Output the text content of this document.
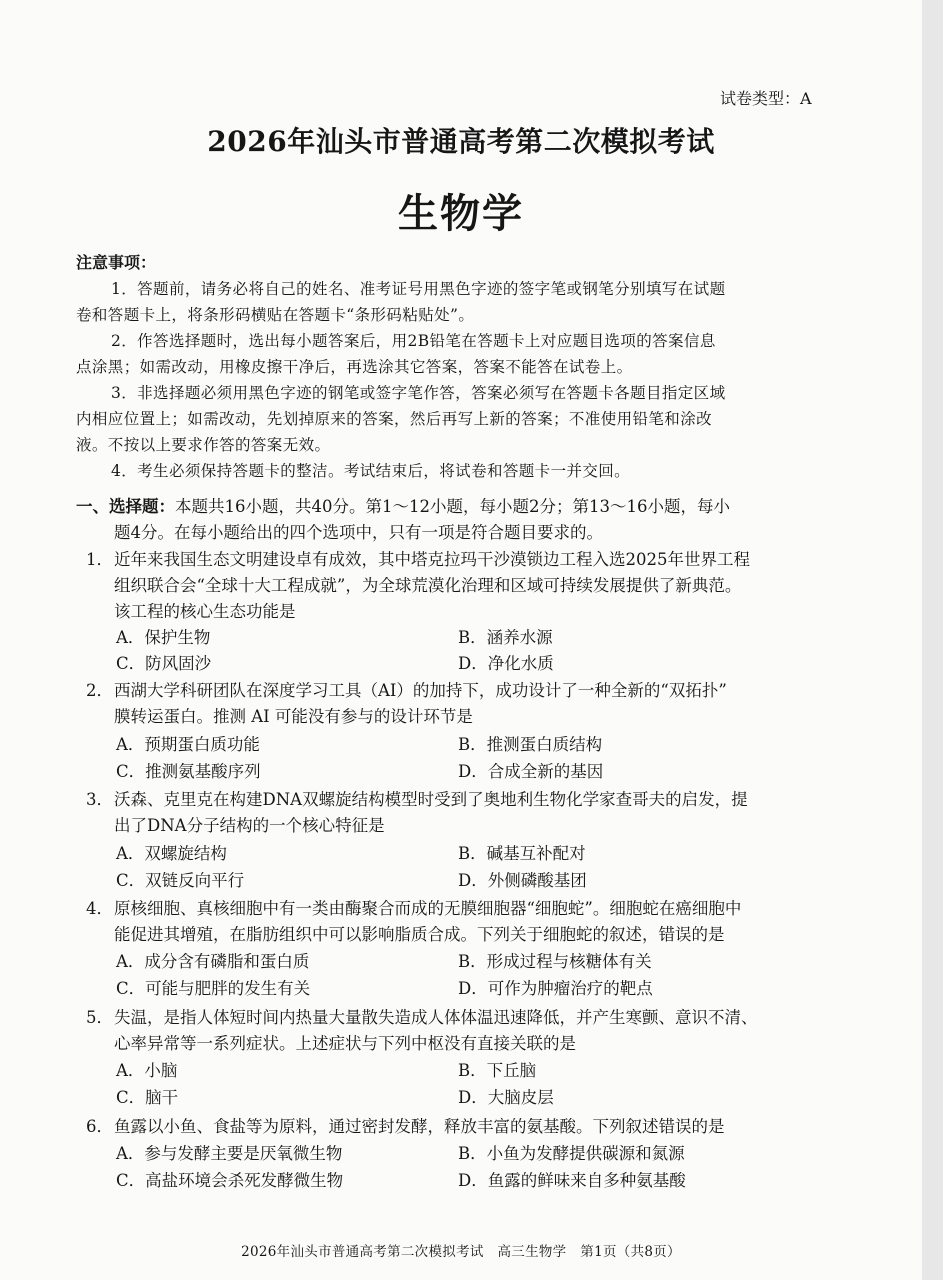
试卷类型：A
2026年汕头市普通高考第二次模拟考试
生物学
注意事项：
1．答题前，请务必将自己的姓名、准考证号用黑色字迹的签字笔或钢笔分别填写在试题
卷和答题卡上，将条形码横贴在答题卡“条形码粘贴处”。
2．作答选择题时，选出每小题答案后，用2B铅笔在答题卡上对应题目选项的答案信息
点涂黑；如需改动，用橡皮擦干净后，再选涂其它答案，答案不能答在试卷上。
3．非选择题必须用黑色字迹的钢笔或签字笔作答，答案必须写在答题卡各题目指定区域
内相应位置上；如需改动，先划掉原来的答案，然后再写上新的答案；不准使用铅笔和涂改
液。不按以上要求作答的答案无效。
4．考生必须保持答题卡的整洁。考试结束后，将试卷和答题卡一并交回。
一、选择题：本题共16小题，共40分。第1～12小题，每小题2分；第13～16小题，每小
题4分。在每小题给出的四个选项中，只有一项是符合题目要求的。
1． 近年来我国生态文明建设卓有成效，其中塔克拉玛干沙漠锁边工程入选2025年世界工程
组织联合会“全球十大工程成就”，为全球荒漠化治理和区域可持续发展提供了新典范。
该工程的核心生态功能是
A．保护生物	B．涵养水源
C．防风固沙	D．净化水质
2． 西湖大学科研团队在深度学习工具（AI）的加持下，成功设计了一种全新的“双拓扑”
膜转运蛋白。推测 AI 可能没有参与的设计环节是
A．预期蛋白质功能	B．推测蛋白质结构
C．推测氨基酸序列	D．合成全新的基因
3． 沃森、克里克在构建DNA双螺旋结构模型时受到了奥地利生物化学家查哥夫的启发，提
出了DNA分子结构的一个核心特征是
A．双螺旋结构	B．碱基互补配对
C．双链反向平行	D．外侧磷酸基团
4． 原核细胞、真核细胞中有一类由酶聚合而成的无膜细胞器“细胞蛇”。细胞蛇在癌细胞中
能促进其增殖，在脂肪组织中可以影响脂质合成。下列关于细胞蛇的叙述，错误的是
A．成分含有磷脂和蛋白质	B．形成过程与核糖体有关
C．可能与肥胖的发生有关	D．可作为肿瘤治疗的靶点
5． 失温，是指人体短时间内热量大量散失造成人体体温迅速降低，并产生寒颤、意识不清、
心率异常等一系列症状。上述症状与下列中枢没有直接关联的是
A．小脑	B．下丘脑
C．脑干	D．大脑皮层
6． 鱼露以小鱼、食盐等为原料，通过密封发酵，释放丰富的氨基酸。下列叙述错误的是
A．参与发酵主要是厌氧微生物	B．小鱼为发酵提供碳源和氮源
C．高盐环境会杀死发酵微生物	D．鱼露的鲜味来自多种氨基酸
2026年汕头市普通高考第二次模拟考试　高三生物学　第1页（共8页）
